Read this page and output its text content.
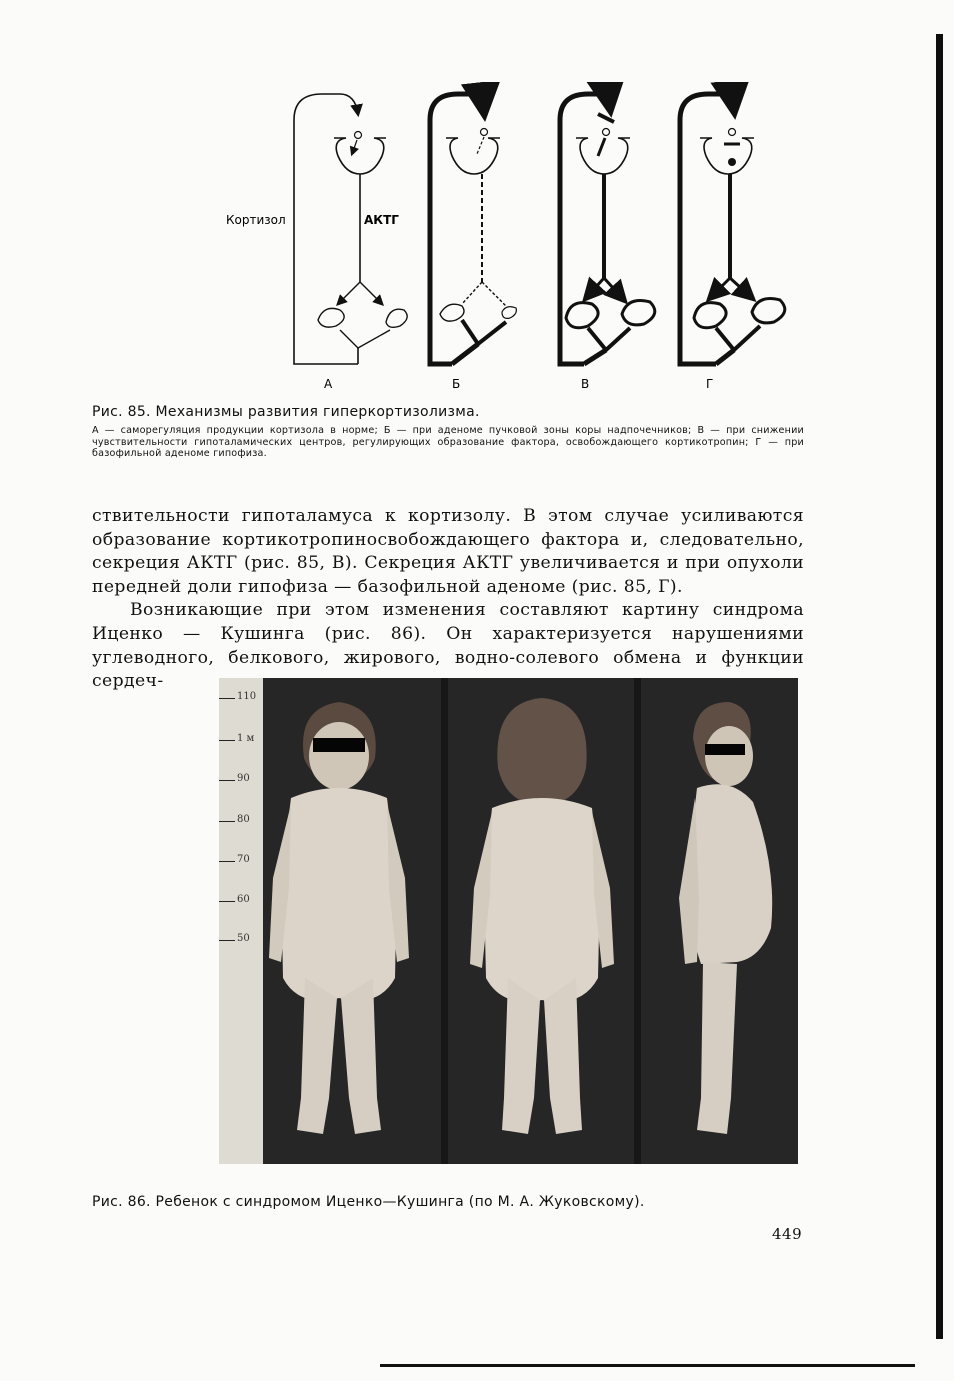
Кортизол	АКТГ
А	Б	В	Г
Рис. 85. Механизмы развития гиперкортизолизма.
А — саморегуляция продукции кортизола в норме; Б — при аденоме пучковой зоны коры надпочечников; В — при снижении чувствительности гипоталамических центров, регулирующих образование фактора, освобождающего кортикотропин; Г — при базофильной аденоме гипофиза.

ствительности гипоталамуса к кортизолу. В этом случае усиливаются образование кортикотропиносвобождающего фактора и, следовательно, секреция АКТГ (рис. 85, В). Секреция АКТГ увеличивается и при опухоли передней доли гипофиза — базофильной аденоме (рис. 85, Г).

Возникающие при этом изменения составляют картину синдрома Иценко — Кушинга (рис. 86). Он характеризуется нарушениями углеводного, белкового, жирового, водно-солевого обмена и функции сердеч-

110
1 м
90
80
70
60
50
Рис. 86. Ребенок с синдромом Иценко—Кушинга (по М. А. Жуковскому).
449
